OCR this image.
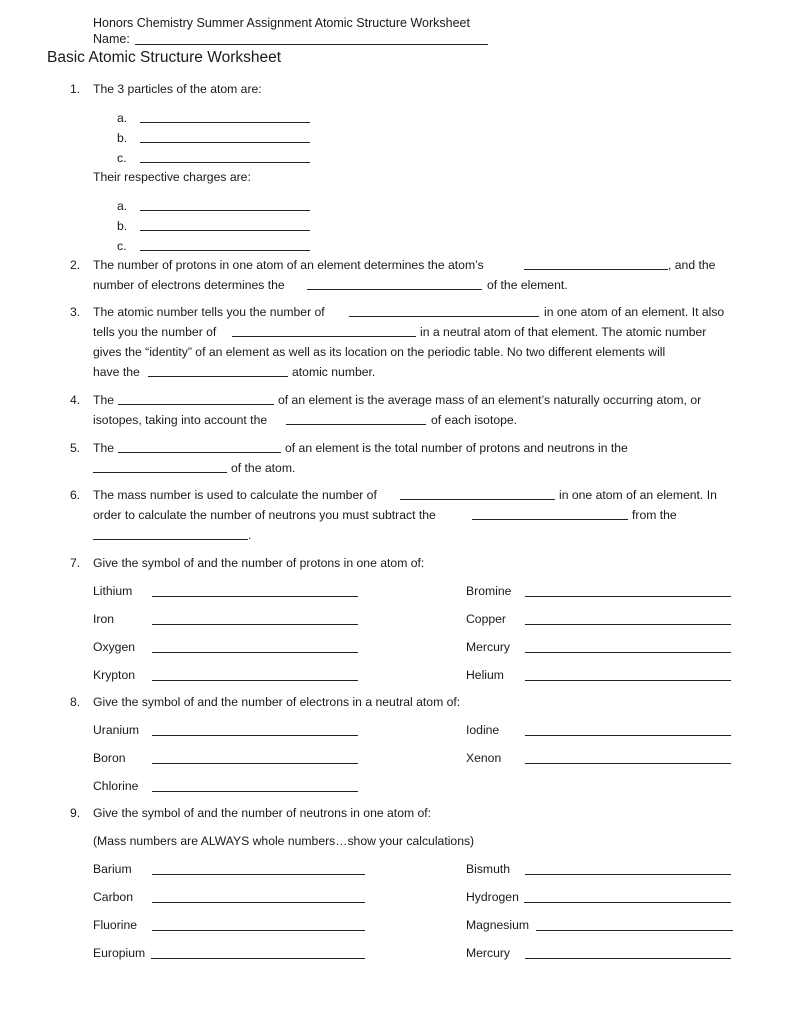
Honors Chemistry Summer Assignment Atomic Structure Worksheet
Name:
Basic Atomic Structure Worksheet
1. The 3 particles of the atom are:
a.
b.
c.
Their respective charges are:
a.
b.
c.
2. The number of protons in one atom of an element determines the atom’s	, and the
number of electrons determines the	of the element.
3. The atomic number tells you the number of	in one atom of an element. It also
tells you the number of	in a neutral atom of that element. The atomic number
gives the “identity” of an element as well as its location on the periodic table. No two different elements will
have the	atomic number.
4. The	of an element is the average mass of an element’s naturally occurring atom, or
isotopes, taking into account the	of each isotope.
5. The	of an element is the total number of protons and neutrons in the
of the atom.
6. The mass number is used to calculate the number of	in one atom of an element. In
order to calculate the number of neutrons you must subtract the	from the
.
7. Give the symbol of and the number of protons in one atom of:
Lithium	Bromine
Iron	Copper
Oxygen	Mercury
Krypton	Helium
8. Give the symbol of and the number of electrons in a neutral atom of:
Uranium	Iodine
Boron	Xenon
Chlorine
9. Give the symbol of and the number of neutrons in one atom of:
(Mass numbers are ALWAYS whole numbers…show your calculations)
Barium	Bismuth
Carbon	Hydrogen
Fluorine	Magnesium
Europium	Mercury
